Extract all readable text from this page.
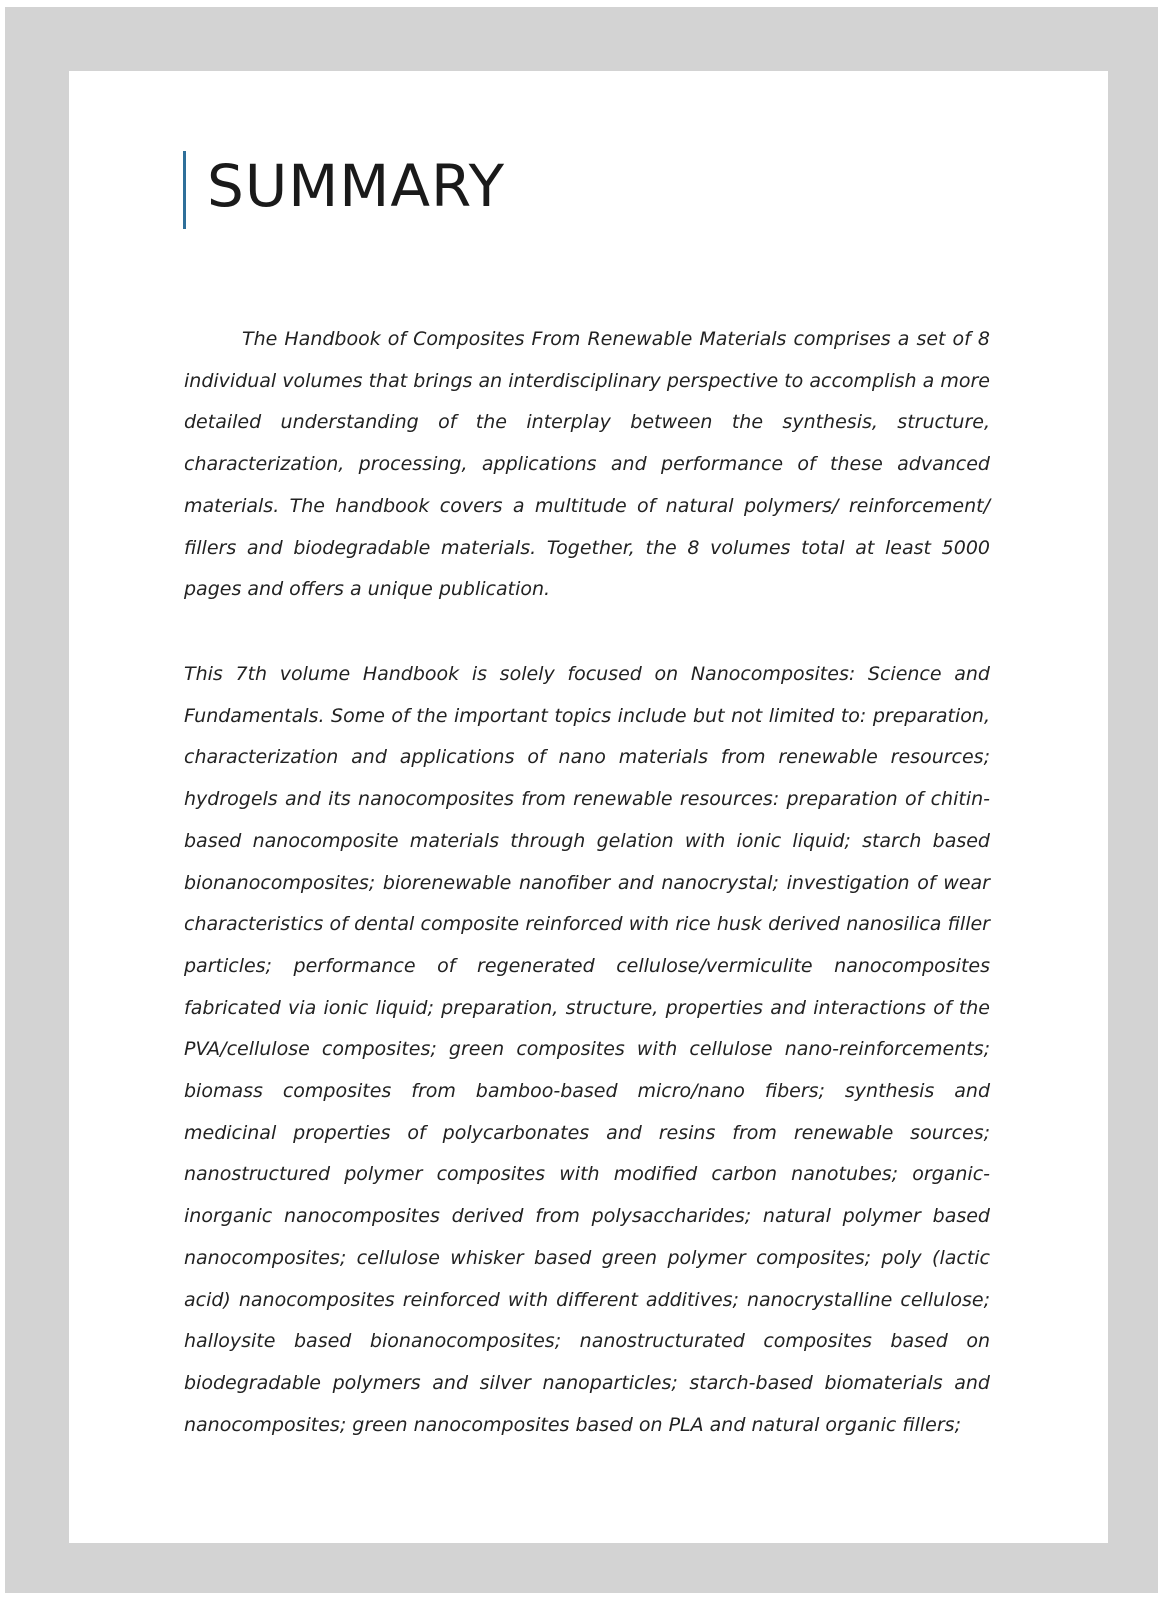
SUMMARY

The Handbook of Composites From Renewable Materials comprises a set of 8 individual volumes that brings an interdisciplinary perspective to accomplish a more detailed understanding of the interplay between the synthesis, structure, characterization, processing, applications and performance of these advanced materials. The handbook covers a multitude of natural polymers/ reinforcement/ fillers and biodegradable materials. Together, the 8 volumes total at least 5000 pages and offers a unique publication.

This 7th volume Handbook is solely focused on Nanocomposites: Science and Fundamentals. Some of the important topics include but not limited to: preparation, characterization and applications of nano materials from renewable resources; hydrogels and its nanocomposites from renewable resources: preparation of chitin-based nanocomposite materials through gelation with ionic liquid; starch based bionanocomposites; biorenewable nanofiber and nanocrystal; investigation of wear characteristics of dental composite reinforced with rice husk derived nanosilica filler particles; performance of regenerated cellulose/vermiculite nanocomposites fabricated via ionic liquid; preparation, structure, properties and interactions of the PVA/cellulose composites; green composites with cellulose nano-reinforcements; biomass composites from bamboo-based micro/nano fibers; synthesis and medicinal properties of polycarbonates and resins from renewable sources; nanostructured polymer composites with modified carbon nanotubes; organic-inorganic nanocomposites derived from polysaccharides; natural polymer based nanocomposites; cellulose whisker based green polymer composites; poly (lactic acid) nanocomposites reinforced with different additives; nanocrystalline cellulose; halloysite based bionanocomposites; nanostructurated composites based on biodegradable polymers and silver nanoparticles; starch-based biomaterials and nanocomposites; green nanocomposites based on PLA and natural organic fillers;
